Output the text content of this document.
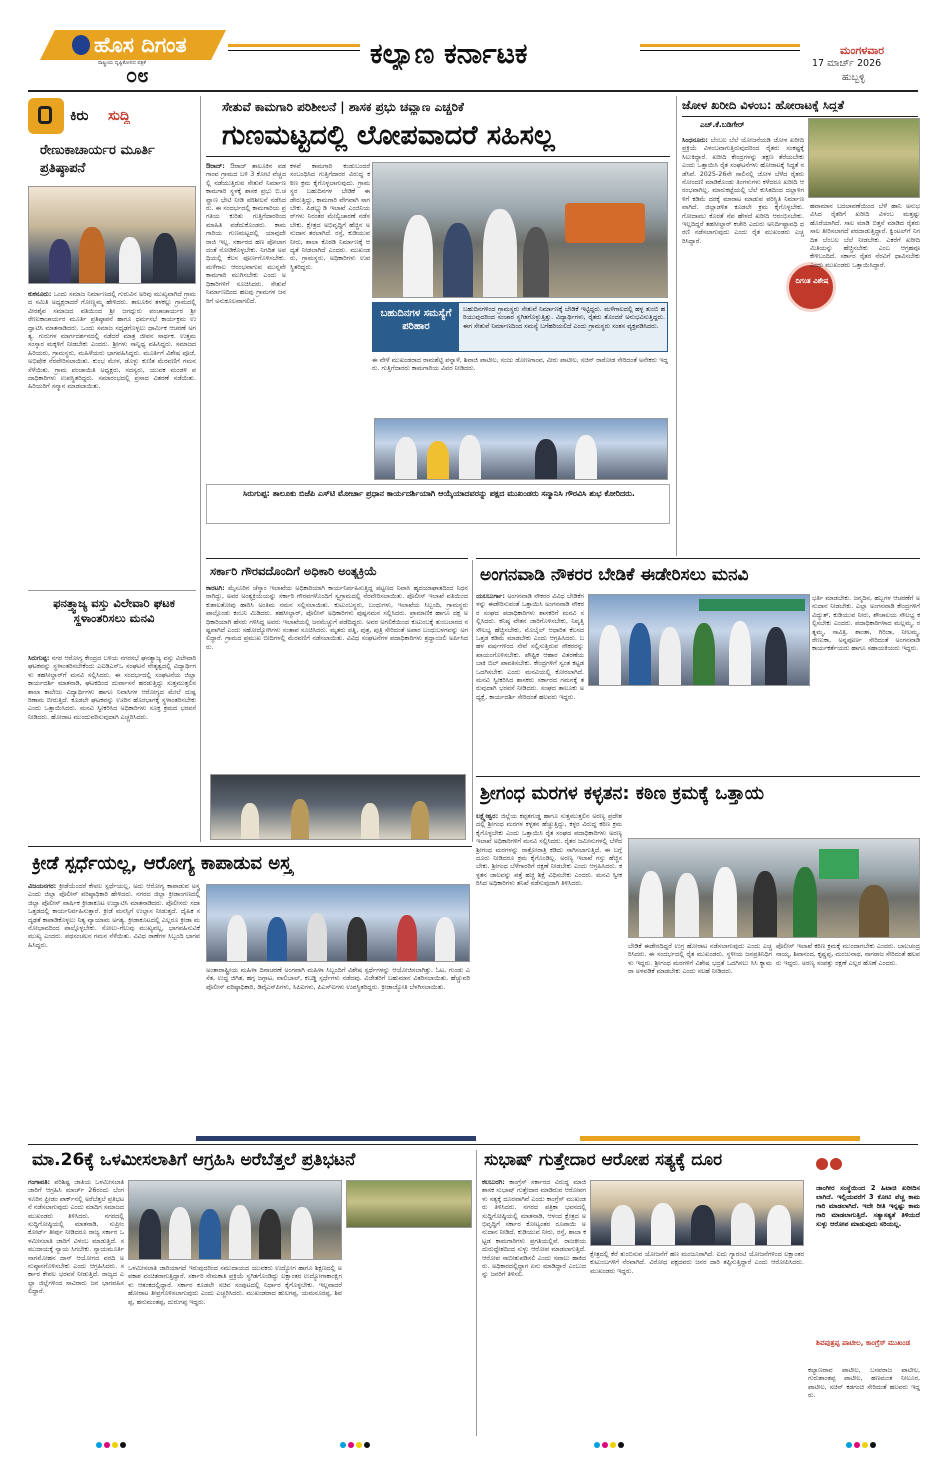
ಹೊಸ ದಿಗಂತ
ರಾಷ್ಟ್ರೀಯ ದೃಷ್ಟಿಕೋನದ ಪತ್ರಿಕೆ
೦೮
ಕಲ್ಯಾಣ ಕರ್ನಾಟಕ	ಮಂಗಳವಾರ
17 ಮಾರ್ಚ್ 2026
ಹುಬ್ಬಳ್ಳಿ
ಕಿರು ಸುದ್ದಿ
ರೇಣುಕಾಚಾರ್ಯರ ಮೂರ್ತಿ ಪ್ರತಿಷ್ಠಾಪನೆ
ಕುಕನೂರು: ಒಂದು ಸಮಾಜ ನಿರ್ಮಾಣದಲ್ಲಿ ಗುರುವಿನ ಅರಿವು ಮುಖ್ಯವಾಗಿದೆ ಗ್ರಾಮದ ಸಮಿತಿ ಅಧ್ಯಕ್ಷರಾದರೆ ಗೋಣ್ಣಮ್ಮ ಹೇಳಿದರು. ತಾಲೂಕಿನ ತಳಕಲ್ಲು ಗ್ರಾಮದಲ್ಲಿ ವೀರಶೈವ ಸಮಾಜದ ವತಿಯಿಂದ ಶ್ರೀ ಜಗದ್ಗುರು ಪಂಚಾಚಾರ್ಯರ ಶ್ರೀ ರೇಣುಕಾಚಾರ್ಯರ ಮೂರ್ತಿ ಪ್ರತಿಷ್ಠಾಪನೆ ಹಾಗೂ ಧರ್ಮಸಭೆ ಕಾರ್ಯಕ್ರಮ ಉದ್ಘಾಟಿಸಿ ಮಾತನಾಡಿದರು. ಒಂದು ಸಮಾಜ ಸಧೃಢಗೊಳ್ಳಲು ಧಾರ್ಮಿಕ ಆಚರಣೆ ಅಗತ್ಯ. ಗುರುಗಳ ಮಾರ್ಗದರ್ಶನದಲ್ಲಿ ನಡೆದರೆ ಮಾತ್ರ ಜೀವನ ಸಾರ್ಥಕ. ಉತ್ತಮ ಸಂಸ್ಕಾರ ಮಕ್ಕಳಿಗೆ ನೀಡಬೇಕು ಎಂದರು. ಶ್ರೀಗಳು ಸಾನ್ನಿಧ್ಯ ವಹಿಸಿದ್ದರು. ಸಮಾಜದ ಹಿರಿಯರು, ಗ್ರಾಮಸ್ಥರು, ಮಹಿಳೆಯರು ಭಾಗವಹಿಸಿದ್ದರು. ಮೂರ್ತಿಗೆ ವಿಶೇಷ ಪೂಜೆ, ಅಭಿಷೇಕ ನೆರವೇರಿಸಲಾಯಿತು. ಕುಂಭ ಮೇಳ, ಡೊಳ್ಳು ಕುಣಿತ ಮೆರವಣಿಗೆ ಗಮನ ಸೆಳೆಯಿತು. ಗ್ರಾಮ ಪಂಚಾಯಿತಿ ಅಧ್ಯಕ್ಷರು, ಸದಸ್ಯರು, ಯುವಕ ಮಂಡಳಿ ಪದಾಧಿಕಾರಿಗಳು ಉಪಸ್ಥಿತರಿದ್ದರು. ಸಮಾರಂಭದಲ್ಲಿ ಪ್ರಸಾದ ವಿತರಣೆ ನಡೆಯಿತು. ಹಿರಿಯರಿಗೆ ಸನ್ಮಾನ ಮಾಡಲಾಯಿತು.
ಫನತ್ತ್ವಾಜ್ಯ ವಸ್ತು ವಿಲೇವಾರಿ ಘಟಕ ಸ್ಥಳಾಂತರಿಸಲು ಮನವಿ
ಸಿರುಗುಪ್ಪ: ನಗರ ಆರೋಗ್ಯ ಕೇಂದ್ರದ ಬಳಿಯ ನಗರಸಭೆ ಘನತ್ಯಾಜ್ಯ ವಸ್ತು ವಿಲೇವಾರಿ ಘಟಕವನ್ನು ಸ್ಥಳಾಂತರಿಸಬೇಕೆಂದು ಎಐಡಿಎಸ್‌ಒ ಸಂಘಟನೆ ನೇತೃತ್ವದಲ್ಲಿ ವಿದ್ಯಾರ್ಥಿಗಳು ತಹಸೀಲ್ದಾರ್‌ಗೆ ಮನವಿ ಸಲ್ಲಿಸಿದರು. ಈ ಸಂದರ್ಭದಲ್ಲಿ ಸಂಘಟನೆಯ ಜಿಲ್ಲಾ ಕಾರ್ಯದರ್ಶಿ ಮಾತನಾಡಿ, ಘಟಕದಿಂದ ದುರ್ವಾಸನೆ ಹರಡುತ್ತಿದ್ದು ಸುತ್ತಮುತ್ತಲಿನ ಶಾಲಾ ಕಾಲೇಜು ವಿದ್ಯಾರ್ಥಿಗಳು ಹಾಗೂ ನಿವಾಸಿಗಳ ಆರೋಗ್ಯದ ಮೇಲೆ ದುಷ್ಪರಿಣಾಮ ಬೀರುತ್ತಿದೆ. ಕೂಡಲೇ ಘಟಕವನ್ನು ಊರಿನ ಹೊರಭಾಗಕ್ಕೆ ಸ್ಥಳಾಂತರಿಸಬೇಕು ಎಂದು ಒತ್ತಾಯಿಸಿದರು. ಮನವಿ ಸ್ವೀಕರಿಸಿದ ಅಧಿಕಾರಿಗಳು ಸೂಕ್ತ ಕ್ರಮದ ಭರವಸೆ ನೀಡಿದರು. ಹೋರಾಟ ಮುಂದುವರಿಸುವುದಾಗಿ ಎಚ್ಚರಿಸಿದರು.
ಸೇತುವೆ ಕಾಮಗಾರಿ ಪರಿಶೀಲನೆ | ಶಾಸಕ ಪ್ರಭು ಚವ್ಹಾಣ ಎಚ್ಚರಿಕೆ
ಗುಣಮಟ್ಟದಲ್ಲಿ ಲೋಪವಾದರೆ ಸಹಿಸಲ್ಲ
ಔರಾದ್: ಔರಾದ್ ತಾಲೂಕಿನ ವಡಗಾಂವ ಗ್ರಾಮದ ಬಳಿ 3 ಕೋಟಿ ವೆಚ್ಚದಲ್ಲಿ ನಡೆಯುತ್ತಿರುವ ಸೇತುವೆ ನಿರ್ಮಾಣ ಕಾಮಗಾರಿ ಸ್ಥಳಕ್ಕೆ ಶಾಸಕ ಪ್ರಭು ಬಿ.ಚವ್ಹಾಣ ಭೇಟಿ ನೀಡಿ ಪರಿಶೀಲನೆ ನಡೆಸಿದರು. ಈ ಸಂದರ್ಭದಲ್ಲಿ ಕಾಮಗಾರಿಯ ಪ್ರಗತಿಯ ಕುರಿತು ಗುತ್ತಿಗೆದಾರರಿಂದ ಮಾಹಿತಿ ಪಡೆದುಕೊಂಡರು. ಕಾಮಗಾರಿಯ ಗುಣಮಟ್ಟದಲ್ಲಿ ಯಾವುದೇ ರಾಜಿ ಇಲ್ಲ. ಸರ್ಕಾರದ ಹಣ ಪೋಲಾಗದಂತೆ ನೋಡಿಕೊಳ್ಳಬೇಕು. ನಿಗದಿತ ಅವಧಿಯಲ್ಲಿ ಕೆಲಸ ಪೂರ್ಣಗೊಳಿಸಬೇಕು. ಮಳೆಗಾಲ ಆರಂಭವಾಗುವ ಮುನ್ನವೇ ಕಾಮಗಾರಿ ಮುಗಿಸಬೇಕು ಎಂದು ಅಧಿಕಾರಿಗಳಿಗೆ ಸೂಚಿಸಿದರು. ಸೇತುವೆ ನಿರ್ಮಾಣದಿಂದ ಹಲವು ಗ್ರಾಮಗಳ ಜನರಿಗೆ ಅನುಕೂಲವಾಗಲಿದೆ.
ಕಳಪೆ ಕಾಮಗಾರಿ ಕಂಡುಬಂದರೆ ಸಂಬಂಧಿಸಿದ ಗುತ್ತಿಗೆದಾರರ ವಿರುದ್ಧ ಕಠಿಣ ಕ್ರಮ ಕೈಗೊಳ್ಳಲಾಗುವುದು. ಗ್ರಾಮಸ್ಥರ ಬಹುದಿನಗಳ ಬೇಡಿಕೆ ಈಡೇರುತ್ತಿದ್ದು, ಕಾಮಗಾರಿ ವೇಗವಾಗಿ ಸಾಗಬೇಕು. ಪಿಡಬ್ಲ್ಯುಡಿ ಇಲಾಖೆ ಎಂಜಿನಿಯರ್‌ಗಳು ನಿರಂತರ ಮೇಲ್ವಿಚಾರಣೆ ನಡೆಸಬೇಕು. ಕ್ಷೇತ್ರದ ಅಭಿವೃದ್ಧಿಗೆ ಹೆಚ್ಚಿನ ಅನುದಾನ ತರಲಾಗಿದೆ. ರಸ್ತೆ, ಕುಡಿಯುವ ನೀರು, ಶಾಲಾ ಕೊಠಡಿ ನಿರ್ಮಾಣಕ್ಕೆ ಆದ್ಯತೆ ನೀಡಲಾಗಿದೆ ಎಂದರು. ಮುಖಂಡರು, ಗ್ರಾಮಸ್ಥರು, ಅಧಿಕಾರಿಗಳು ಉಪಸ್ಥಿತರಿದ್ದರು.
ಬಹುದಿನಗಳ ಸಮಸ್ಯೆಗೆ ಪರಿಹಾರ
ಬಹುದಿನಗಳಿಂದ ಗ್ರಾಮಸ್ಥರು ಸೇತುವೆ ನಿರ್ಮಾಣಕ್ಕೆ ಬೇಡಿಕೆ ಇಟ್ಟಿದ್ದರು. ಮಳೆಗಾಲದಲ್ಲಿ ಹಳ್ಳ ತುಂಬಿ ಹರಿಯುವುದರಿಂದ ಸಂಚಾರ ಸ್ಥಗಿತಗೊಳ್ಳುತ್ತಿತ್ತು. ವಿದ್ಯಾರ್ಥಿಗಳು, ರೈತರು ತೊಂದರೆ ಅನುಭವಿಸುತ್ತಿದ್ದರು. ಈಗ ಸೇತುವೆ ನಿರ್ಮಾಣದಿಂದ ಸಮಸ್ಯೆ ಬಗೆಹರಿಯಲಿದೆ ಎಂದು ಗ್ರಾಮಸ್ಥರು ಸಂತಸ ವ್ಯಕ್ತಪಡಿಸಿದರು.
ಈ ವೇಳೆ ಮುಖಂಡರಾದ ರಾಮಶೆಟ್ಟಿ ಪನ್ನಾಳೆ, ಶಿವಾಜಿ ಪಾಟೀಲ, ಸಂಜು ಡೋಣಗಾಂವ, ವೀರು ಪಾಟೀಲ, ಸಚಿನ್ ರಾಠೋಡ ಸೇರಿದಂತೆ ಅನೇಕರು ಇದ್ದರು. ಗುತ್ತಿಗೆದಾರರು ಕಾಮಗಾರಿಯ ವಿವರ ನೀಡಿದರು.
ಸಿರುಗುಪ್ಪ: ತಾಲೂಕು ಬಿಜೆಪಿ ಎಸ್‌ಟಿ ಮೋರ್ಚಾ ಪ್ರಧಾನ ಕಾರ್ಯದರ್ಶಿಯಾಗಿ ಆಯ್ಕೆಯಾದವರನ್ನು ಪಕ್ಷದ ಮುಖಂಡರು ಸನ್ಮಾನಿಸಿ ಗೌರವಿಸಿ ಶುಭ ಕೋರಿದರು.
ಜೋಳ ಖರೀದಿ ವಿಳಂಬ: ಹೋರಾಟಕ್ಕೆ ಸಿದ್ಧತೆ
ಎಚ್.ಕೆ.ಬಡಿಗೇರ್
ಸಿಂಧನೂರು: ಬೆಂಬಲ ಬೆಲೆ ಯೋಜನೆಯಡಿ ಜೋಳ ಖರೀದಿ ಪ್ರಕ್ರಿಯೆ ವಿಳಂಬವಾಗುತ್ತಿರುವುದರಿಂದ ರೈತರು ಸಂಕಷ್ಟಕ್ಕೆ ಸಿಲುಕಿದ್ದಾರೆ. ಖರೀದಿ ಕೇಂದ್ರಗಳನ್ನು ತಕ್ಷಣ ತೆರೆಯಬೇಕು ಎಂದು ಒತ್ತಾಯಿಸಿ ರೈತ ಸಂಘಟನೆಗಳು ಹೋರಾಟಕ್ಕೆ ಸಿದ್ಧತೆ ನಡೆಸಿವೆ. 2025-26ನೇ ಸಾಲಿನಲ್ಲಿ ಜೋಳ ಬೆಳೆದ ರೈತರು ನೋಂದಣಿ ಮಾಡಿಕೊಂಡು ತಿಂಗಳುಗಳು ಕಳೆದರೂ ಖರೀದಿ ಆರಂಭವಾಗಿಲ್ಲ. ಮಾರುಕಟ್ಟೆಯಲ್ಲಿ ಬೆಲೆ ಕುಸಿತದಿಂದ ದಲ್ಲಾಳಿಗಳಿಗೆ ಕಡಿಮೆ ದರಕ್ಕೆ ಮಾರಾಟ ಮಾಡುವ ಪರಿಸ್ಥಿತಿ ನಿರ್ಮಾಣವಾಗಿದೆ. ಜಿಲ್ಲಾಡಳಿತ ಕೂಡಲೇ ಕ್ರಮ ಕೈಗೊಳ್ಳಬೇಕು. ಗೋದಾಮು ಕೊರತೆ ನೆಪ ಹೇಳದೆ ಖರೀದಿ ಆರಂಭಿಸಬೇಕು. ಇಲ್ಲದಿದ್ದರೆ ತಹಸೀಲ್ದಾರ್ ಕಚೇರಿ ಎದುರು ಅನಿರ್ದಿಷ್ಟಾವಧಿ ಧರಣಿ ನಡೆಸಲಾಗುವುದು ಎಂದು ರೈತ ಮುಖಂಡರು ಎಚ್ಚರಿಸಿದ್ದಾರೆ.
ದಿಗಂತ ವಿಶೇಷ
ಹವಾಮಾನ ಬದಲಾವಣೆಯಿಂದ ಬೆಳೆ ಹಾನಿ ಅನುಭವಿಸಿದ ರೈತರಿಗೆ ಖರೀದಿ ವಿಳಂಬ ಮತ್ತಷ್ಟು ಹೊರೆಯಾಗಿದೆ. ಸಾಲ ಮಾಡಿ ಬಿತ್ತನೆ ಮಾಡಿದ ರೈತರು ಸಾಲ ತೀರಿಸಲಾಗದೆ ಪರದಾಡುತ್ತಿದ್ದಾರೆ. ಕ್ವಿಂಟಲ್‌ಗೆ ನಿಗದಿತ ಬೆಂಬಲ ಬೆಲೆ ನೀಡಬೇಕು. ಎಕರೆಗೆ ಖರೀದಿ ಮಿತಿಯನ್ನು ಹೆಚ್ಚಿಸಬೇಕು ಎಂಬ ಆಗ್ರಹವೂ ಕೇಳಿಬಂದಿದೆ. ಸರ್ಕಾರ ರೈತರ ನೆರವಿಗೆ ಧಾವಿಸಬೇಕು ಎಂದು ಮುಖಂಡರು ಒತ್ತಾಯಿಸಿದ್ದಾರೆ.
ಸರ್ಕಾರಿ ಗೌರವದೊಂದಿಗೆ ಅಧಿಕಾರಿ ಅಂತ್ಯಕ್ರಿಯೆ
ಕಾರಟಗಿ: ಮೈಸೂರಿನ ಚೆಸ್ಕಾಂ ಇಲಾಖೆಯ ಅಧಿಕಾರಿಯಾಗಿ ಕಾರ್ಯನಿರ್ವಹಿಸುತ್ತಿದ್ದ ಪಟ್ಟಣದ ನಿವಾಸಿ ಹೃದಯಾಘಾತದಿಂದ ನಿಧನರಾಗಿದ್ದು, ಅವರ ಅಂತ್ಯಕ್ರಿಯೆಯನ್ನು ಸರ್ಕಾರಿ ಗೌರವಗಳೊಂದಿಗೆ ಸ್ವಗ್ರಾಮದಲ್ಲಿ ನೆರವೇರಿಸಲಾಯಿತು. ಪೊಲೀಸ್ ಇಲಾಖೆ ವತಿಯಿಂದ ಕುಶಾಲತೋಪು ಹಾರಿಸಿ ಅಂತಿಮ ನಮನ ಸಲ್ಲಿಸಲಾಯಿತು. ಕುಟುಂಬಸ್ಥರು, ಬಂಧುಗಳು, ಇಲಾಖೆಯ ಸಿಬ್ಬಂದಿ, ಗ್ರಾಮಸ್ಥರು ಪಾಲ್ಗೊಂಡು ಕಂಬನಿ ಮಿಡಿದರು. ತಹಸೀಲ್ದಾರ್, ಪೊಲೀಸ್ ಅಧಿಕಾರಿಗಳು ಪುಷ್ಪನಮನ ಸಲ್ಲಿಸಿದರು. ಪ್ರಾಮಾಣಿಕ ಹಾಗೂ ದಕ್ಷ ಅಧಿಕಾರಿಯಾಗಿ ಹೆಸರು ಗಳಿಸಿದ್ದ ಅವರು ಇಲಾಖೆಯಲ್ಲಿ ಜನಮೆಚ್ಚುಗೆ ಪಡೆದಿದ್ದರು. ಅವರ ಅಗಲಿಕೆಯಿಂದ ಕುಟುಂಬಕ್ಕೆ ತುಂಬಲಾರದ ನಷ್ಟವಾಗಿದೆ ಎಂದು ಸಹೋದ್ಯೋಗಿಗಳು ಸಂತಾಪ ಸೂಚಿಸಿದರು. ಮೃತರು ಪತ್ನಿ, ಪುತ್ರ, ಪುತ್ರಿ ಸೇರಿದಂತೆ ಅಪಾರ ಬಂಧುಬಳಗವನ್ನು ಅಗಲಿದ್ದಾರೆ. ಗ್ರಾಮದ ಪ್ರಮುಖ ಬೀದಿಗಳಲ್ಲಿ ಮೆರವಣಿಗೆ ನಡೆಸಲಾಯಿತು. ವಿವಿಧ ಸಂಘಟನೆಗಳ ಪದಾಧಿಕಾರಿಗಳು ಶ್ರದ್ಧಾಂಜಲಿ ಅರ್ಪಿಸಿದರು.
ಅಂಗನವಾಡಿ ನೌಕರರ ಬೇಡಿಕೆ ಈಡೇರಿಸಲು ಮನವಿ
ಯಲಬುರ್ಗಾ: ಅಂಗನವಾಡಿ ನೌಕರರ ವಿವಿಧ ಬೇಡಿಕೆಗಳನ್ನು ಈಡೇರಿಸುವಂತೆ ಒತ್ತಾಯಿಸಿ ಅಂಗನವಾಡಿ ನೌಕರರ ಸಂಘದ ಪದಾಧಿಕಾರಿಗಳು ಶಾಸಕರಿಗೆ ಮನವಿ ಸಲ್ಲಿಸಿದರು. ಕನಿಷ್ಠ ವೇತನ ಜಾರಿಗೊಳಿಸಬೇಕು, ನಿವೃತ್ತಿ ಸೌಲಭ್ಯ ಹೆಚ್ಚಿಸಬೇಕು, ಮೊಬೈಲ್ ಆಧಾರಿತ ಕೆಲಸದ ಒತ್ತಡ ಕಡಿಮೆ ಮಾಡಬೇಕು ಎಂದು ಆಗ್ರಹಿಸಿದರು. ಬಹಳ ವರ್ಷಗಳಿಂದ ಸೇವೆ ಸಲ್ಲಿಸುತ್ತಿರುವ ನೌಕರರನ್ನು ಖಾಯಂಗೊಳಿಸಬೇಕು. ಪೌಷ್ಟಿಕ ಆಹಾರ ವಿತರಣೆಯ ಬಾಕಿ ಬಿಲ್ ಪಾವತಿಸಬೇಕು. ಕೇಂದ್ರಗಳಿಗೆ ಸ್ವಂತ ಕಟ್ಟಡ ಒದಗಿಸಬೇಕು ಎಂದು ಮನವಿಯಲ್ಲಿ ಕೋರಲಾಗಿದೆ. ಮನವಿ ಸ್ವೀಕರಿಸಿದ ಶಾಸಕರು ಸರ್ಕಾರದ ಗಮನಕ್ಕೆ ತರುವುದಾಗಿ ಭರವಸೆ ನೀಡಿದರು. ಸಂಘದ ತಾಲೂಕು ಅಧ್ಯಕ್ಷೆ, ಕಾರ್ಯದರ್ಶಿ ಸೇರಿದಂತೆ ಹಲವರು ಇದ್ದರು.
ಭರ್ತಿ ಮಾಡಬೇಕು. ಜನ್ಮದಿನ, ಹಬ್ಬಗಳ ಆಚರಣೆಗೆ ಅನುದಾನ ನೀಡಬೇಕು. ಎಲ್ಲಾ ಅಂಗನವಾಡಿ ಕೇಂದ್ರಗಳಿಗೆ ವಿದ್ಯುತ್, ಕುಡಿಯುವ ನೀರು, ಶೌಚಾಲಯ ಸೌಲಭ್ಯ ಕಲ್ಪಿಸಬೇಕು ಎಂದರು. ಪದಾಧಿಕಾರಿಗಳಾದ ಮಲ್ಲಮ್ಮ, ರತ್ನಮ್ಮ, ಸಾವಿತ್ರಿ, ಶಾಂತಾ, ಗಿರಿಜಾ, ನೀಲಮ್ಮ, ರೇಣುಕಾ, ಅನ್ನಪೂರ್ಣ ಸೇರಿದಂತೆ ಅಂಗನವಾಡಿ ಕಾರ್ಯಕರ್ತೆಯರು ಹಾಗೂ ಸಹಾಯಕಿಯರು ಇದ್ದರು.
ಶ್ರೀಗಂಧ ಮರಗಳ ಕಳ್ಳತನ: ಕಠಿಣ ಕ್ರಮಕ್ಕೆ ಒತ್ತಾಯ
ಲಕ್ಷ್ಮೇಶ್ವರ: ಜಿಲ್ಲೆಯ ಕಪ್ಪತಗುಡ್ಡ ಹಾಗೂ ಸುತ್ತಮುತ್ತಲಿನ ಅರಣ್ಯ ಪ್ರದೇಶದಲ್ಲಿ ಶ್ರೀಗಂಧ ಮರಗಳ ಕಳ್ಳತನ ಹೆಚ್ಚುತ್ತಿದ್ದು, ಕಳ್ಳರ ವಿರುದ್ಧ ಕಠಿಣ ಕ್ರಮ ಕೈಗೊಳ್ಳಬೇಕು ಎಂದು ಒತ್ತಾಯಿಸಿ ರೈತ ಸಂಘದ ಪದಾಧಿಕಾರಿಗಳು ಅರಣ್ಯ ಇಲಾಖೆ ಅಧಿಕಾರಿಗಳಿಗೆ ಮನವಿ ಸಲ್ಲಿಸಿದರು. ರೈತರ ಜಮೀನುಗಳಲ್ಲಿ ಬೆಳೆದ ಶ್ರೀಗಂಧ ಮರಗಳನ್ನು ರಾತ್ರೋರಾತ್ರಿ ಕಡಿದು ಸಾಗಿಸಲಾಗುತ್ತಿದೆ. ಈ ಬಗ್ಗೆ ದೂರು ನೀಡಿದರೂ ಕ್ರಮ ಕೈಗೊಂಡಿಲ್ಲ. ಅರಣ್ಯ ಇಲಾಖೆ ಗಸ್ತು ಹೆಚ್ಚಿಸಬೇಕು. ಶ್ರೀಗಂಧ ಬೆಳೆಗಾರರಿಗೆ ರಕ್ಷಣೆ ನೀಡಬೇಕು ಎಂದು ಆಗ್ರಹಿಸಿದರು. ಕಳ್ಳತನ ಜಾಲವನ್ನು ಪತ್ತೆ ಹಚ್ಚಿ ಶಿಕ್ಷೆ ವಿಧಿಸಬೇಕು ಎಂದರು. ಮನವಿ ಸ್ವೀಕರಿಸಿದ ಅಧಿಕಾರಿಗಳು ತನಿಖೆ ನಡೆಸುವುದಾಗಿ ತಿಳಿಸಿದರು.
ಬೇಡಿಕೆ ಈಡೇರದಿದ್ದರೆ ಉಗ್ರ ಹೋರಾಟ ನಡೆಸಲಾಗುವುದು ಎಂದು ಎಚ್ಚರಿಸಿದರು. ಈ ಸಂದರ್ಭದಲ್ಲಿ ರೈತ ಮುಖಂಡರು, ಸ್ಥಳೀಯ ಜನಪ್ರತಿನಿಧಿಗಳು ಇದ್ದರು. ಶ್ರೀಗಂಧ ಮರಗಳಿಗೆ ವಿಶೇಷ ಭದ್ರತೆ ಒದಗಿಸಲು ಸಿಸಿ ಕ್ಯಾಮರಾ ಅಳವಡಿಕೆ ಮಾಡಬೇಕು ಎಂದು ಸಲಹೆ ನೀಡಿದರು.
ಪೊಲೀಸ್ ಇಲಾಖೆ ಕಠಿಣ ಕ್ರಮಕ್ಕೆ ಮುಂದಾಗಬೇಕು ಎಂದರು. ಬಾಲಚಂದ್ರ ನಾಯ್ಕ, ಶಿವಾನಂದ, ಕೃಷ್ಣಪ್ಪ, ಮಂಜುನಾಥ, ನಾಗರಾಜ ಸೇರಿದಂತೆ ಹಲವರು ಇದ್ದರು. ಅರಣ್ಯ ಸಂಪತ್ತು ರಕ್ಷಣೆ ಎಲ್ಲರ ಹೊಣೆ ಎಂದರು.
ಕ್ರೀಡೆ ಸ್ಪರ್ಧೆಯಲ್ಲ, ಆರೋಗ್ಯ ಕಾಪಾಡುವ ಅಸ್ತ್ರ
ವಿಜಯನಗರ: ಕ್ರೀಡೆಯೆಂದರೆ ಕೇವಲ ಸ್ಪರ್ಧೆಯಲ್ಲ, ಅದು ಆರೋಗ್ಯ ಕಾಪಾಡುವ ಅಸ್ತ್ರ ಎಂದು ಜಿಲ್ಲಾ ಪೊಲೀಸ್ ವರಿಷ್ಠಾಧಿಕಾರಿ ಹೇಳಿದರು. ನಗರದ ಜಿಲ್ಲಾ ಕ್ರೀಡಾಂಗಣದಲ್ಲಿ ಜಿಲ್ಲಾ ಪೊಲೀಸ್ ವಾರ್ಷಿಕ ಕ್ರೀಡಾಕೂಟ ಉದ್ಘಾಟಿಸಿ ಮಾತನಾಡಿದರು. ಪೊಲೀಸರು ಸದಾ ಒತ್ತಡದಲ್ಲಿ ಕಾರ್ಯನಿರ್ವಹಿಸುತ್ತಾರೆ. ಕ್ರೀಡೆ ಮನಸ್ಸಿಗೆ ಉಲ್ಲಾಸ ನೀಡುತ್ತದೆ. ದೈಹಿಕ ಸದೃಢತೆ ಕಾಪಾಡಿಕೊಳ್ಳಲು ನಿತ್ಯ ವ್ಯಾಯಾಮ ಅಗತ್ಯ. ಕ್ರೀಡಾಕೂಟದಲ್ಲಿ ಎಲ್ಲರೂ ಕ್ರೀಡಾ ಮನೋಭಾವದಿಂದ ಪಾಲ್ಗೊಳ್ಳಬೇಕು. ಸೋಲು-ಗೆಲುವು ಮುಖ್ಯವಲ್ಲ, ಭಾಗವಹಿಸುವಿಕೆ ಮುಖ್ಯ ಎಂದರು. ಪಥಸಂಚಲನ ಗಮನ ಸೆಳೆಯಿತು. ವಿವಿಧ ಠಾಣೆಗಳ ಸಿಬ್ಬಂದಿ ಭಾಗವಹಿಸಿದ್ದರು.
ಅಂತಾರಾಷ್ಟ್ರೀಯ ಮಹಿಳಾ ದಿನಾಚರಣೆ ಅಂಗವಾಗಿ ಮಹಿಳಾ ಸಿಬ್ಬಂದಿಗೆ ವಿಶೇಷ ಸ್ಪರ್ಧೆಗಳನ್ನು ಆಯೋಜಿಸಲಾಗಿತ್ತು. ಓಟ, ಗುಂಡು ಎಸೆತ, ಉದ್ದ ಜಿಗಿತ, ಹಗ್ಗ ಜಗ್ಗಾಟ, ವಾಲಿಬಾಲ್, ಕಬಡ್ಡಿ ಸ್ಪರ್ಧೆಗಳು ನಡೆದವು. ವಿಜೇತರಿಗೆ ಬಹುಮಾನ ವಿತರಿಸಲಾಯಿತು. ಹೆಚ್ಚುವರಿ ಪೊಲೀಸ್ ವರಿಷ್ಠಾಧಿಕಾರಿ, ಡಿವೈಎಸ್‌ಪಿಗಳು, ಸಿಪಿಐಗಳು, ಪಿಎಸ್‌ಐಗಳು ಉಪಸ್ಥಿತರಿದ್ದರು. ಕ್ರೀಡಾಜ್ಯೋತಿ ಬೆಳಗಿಸಲಾಯಿತು.
ಮಾ.26ಕ್ಕೆ ಒಳಮೀಸಲಾತಿಗೆ ಆಗ್ರಹಿಸಿ ಅರೆಬೆತ್ತಲೆ ಪ್ರತಿಭಟನೆ
ಗಂಗಾವತಿ: ಪರಿಶಿಷ್ಟ ಜಾತಿಯ ಒಳಮೀಸಲಾತಿ ಜಾರಿಗೆ ಆಗ್ರಹಿಸಿ ಮಾರ್ಚ್ 26ರಂದು ಬೆಂಗಳೂರಿನ ಫ್ರೀಡಂ ಪಾರ್ಕ್‌ನಲ್ಲಿ ಅರೆಬೆತ್ತಲೆ ಪ್ರತಿಭಟನೆ ನಡೆಸಲಾಗುವುದು ಎಂದು ಮಾದಿಗ ಸಮಾಜದ ಮುಖಂಡರು ತಿಳಿಸಿದರು. ನಗರದಲ್ಲಿ ಸುದ್ದಿಗೋಷ್ಠಿಯಲ್ಲಿ ಮಾತನಾಡಿ, ಸುಪ್ರೀಂ ಕೋರ್ಟ್ ತೀರ್ಪು ನೀಡಿದರೂ ರಾಜ್ಯ ಸರ್ಕಾರ ಒಳಮೀಸಲಾತಿ ಜಾರಿಗೆ ವಿಳಂಬ ಮಾಡುತ್ತಿದೆ. ಸಮುದಾಯಕ್ಕೆ ನ್ಯಾಯ ಸಿಗಬೇಕು. ನ್ಯಾಯಮೂರ್ತಿ ನಾಗಮೋಹನ ದಾಸ್ ಆಯೋಗದ ವರದಿ ಅನುಷ್ಠಾನಗೊಳಿಸಬೇಕು ಎಂದು ಆಗ್ರಹಿಸಿದರು. ಸರ್ಕಾರ ಕೇವಲ ಭರವಸೆ ನೀಡುತ್ತಿದೆ. ರಾಜ್ಯದ ಎಲ್ಲಾ ಜಿಲ್ಲೆಗಳಿಂದ ಸಾವಿರಾರು ಜನ ಭಾಗವಹಿಸಲಿದ್ದಾರೆ.
ಒಳಮೀಸಲಾತಿ ಜಾರಿಯಾಗದೆ ಇರುವುದರಿಂದ ಸಮುದಾಯದ ಯುವಕರು ಉದ್ಯೋಗ ಹಾಗೂ ಶಿಕ್ಷಣದಲ್ಲಿ ಅವಕಾಶ ವಂಚಿತರಾಗುತ್ತಿದ್ದಾರೆ. ಸರ್ಕಾರಿ ನೇಮಕಾತಿ ಪ್ರಕ್ರಿಯೆ ಸ್ಥಗಿತಗೊಂಡಿದ್ದು ಲಕ್ಷಾಂತರ ಉದ್ಯೋಗಾಕಾಂಕ್ಷಿಗಳು ಆತಂಕದಲ್ಲಿದ್ದಾರೆ. ಸರ್ಕಾರ ಕೂಡಲೇ ಸಚಿವ ಸಂಪುಟದಲ್ಲಿ ನಿರ್ಧಾರ ಕೈಗೊಳ್ಳಬೇಕು. ಇಲ್ಲವಾದರೆ ಹೋರಾಟ ತೀವ್ರಗೊಳಿಸಲಾಗುವುದು ಎಂದು ಎಚ್ಚರಿಸಿದರು. ಮುಖಂಡರಾದ ಹುಲಗಪ್ಪ, ಯಮನೂರಪ್ಪ, ಶಿವಪ್ಪ, ಹನುಮಂತಪ್ಪ, ದುರುಗಪ್ಪ ಇದ್ದರು.
ಸುಭಾಷ್ ಗುತ್ತೇದಾರ ಆರೋಪ ಸತ್ಯಕ್ಕೆ ದೂರ
ಕಲಬುರಗಿ: ಕಾಂಗ್ರೆಸ್ ಸರ್ಕಾರದ ವಿರುದ್ಧ ಮಾಜಿ ಶಾಸಕ ಸುಭಾಷ್ ಗುತ್ತೇದಾರ ಮಾಡಿರುವ ಆರೋಪಗಳು ಸತ್ಯಕ್ಕೆ ದೂರವಾಗಿವೆ ಎಂದು ಕಾಂಗ್ರೆಸ್ ಮುಖಂಡರು ತಿಳಿಸಿದರು. ನಗರದ ಪತ್ರಿಕಾ ಭವನದಲ್ಲಿ ಸುದ್ದಿಗೋಷ್ಠಿಯಲ್ಲಿ ಮಾತನಾಡಿ, ಆಳಂದ ಕ್ಷೇತ್ರದ ಅಭಿವೃದ್ಧಿಗೆ ಸರ್ಕಾರ ಕೋಟ್ಯಂತರ ರೂಪಾಯಿ ಅನುದಾನ ನೀಡಿದೆ. ಕುಡಿಯುವ ನೀರು, ರಸ್ತೆ, ಶಾಲಾ ಕಟ್ಟಡ ಕಾಮಗಾರಿಗಳು ಪ್ರಗತಿಯಲ್ಲಿವೆ. ರಾಜಕೀಯ ದುರುದ್ದೇಶದಿಂದ ಸುಳ್ಳು ಆರೋಪ ಮಾಡಲಾಗುತ್ತಿದೆ. ಆರೋಪ ಸಾಬೀತುಪಡಿಸಲಿ ಎಂದು ಸವಾಲು ಹಾಕಿದರು. ಅಧಿಕಾರದಲ್ಲಿದ್ದಾಗ ಏನು ಮಾಡಿದ್ದಾರೆ ಎಂಬುದನ್ನು ಜನರಿಗೆ ತಿಳಿಸಲಿ.
ಕ್ಷೇತ್ರದಲ್ಲಿ ಕೆರೆ ತುಂಬಿಸುವ ಯೋಜನೆಗೆ ಹಣ ಮಂಜೂರಾಗಿದೆ. ಐದು ಗ್ಯಾರಂಟಿ ಯೋಜನೆಗಳಿಂದ ಲಕ್ಷಾಂತರ ಕುಟುಂಬಗಳಿಗೆ ನೆರವಾಗಿದೆ. ವಿರೋಧ ಪಕ್ಷದವರು ಜನರ ದಾರಿ ತಪ್ಪಿಸುತ್ತಿದ್ದಾರೆ ಎಂದು ಆರೋಪಿಸಿದರು. ಮುಖಂಡರು ಇದ್ದರು.
ಜಾಂಗೀರ ಸಂಸ್ಥೆಯಿಂದ 2 ಹಿಟಾಚಿ ಖರೀದಿಸಲಾಗಿದೆ. ಇಲ್ಲಿಯವರೆಗೆ 3 ಕೋಟಿ ವೆಚ್ಚ ಕಾಮಗಾರಿ ಮಾಡಲಾಗಿದೆ. ಇದೇ ರೀತಿ ಇನ್ನಷ್ಟು ಕಾಮಗಾರಿ ಮಾಡಲಾಗುತ್ತಿದೆ. ಸತ್ಯಾಸತ್ಯತೆ ತಿಳಿಯದೆ ಸುಳ್ಳು ಆರೋಪ ಮಾಡುವುದು ಸರಿಯಲ್ಲ.
ಶಿವಪುತ್ರಪ್ಪ ಪಾಟೀಲ, ಕಾಂಗ್ರೆಸ್ ಮುಖಂಡ
ಕಲ್ಯಾಣರಾವ ಪಾಟೀಲ, ಬಸವರಾಜ ಪಾಟೀಲ, ಗುರುಶಾಂತಪ್ಪ ಪಾಟೀಲ, ಹಣಮಂತ ನೀಲೂರ, ಪಾಟೀಲ, ಸಚಿನ್ ಕಡಗಂಚಿ ಸೇರಿದಂತೆ ಹಲವರು ಇದ್ದರು.
